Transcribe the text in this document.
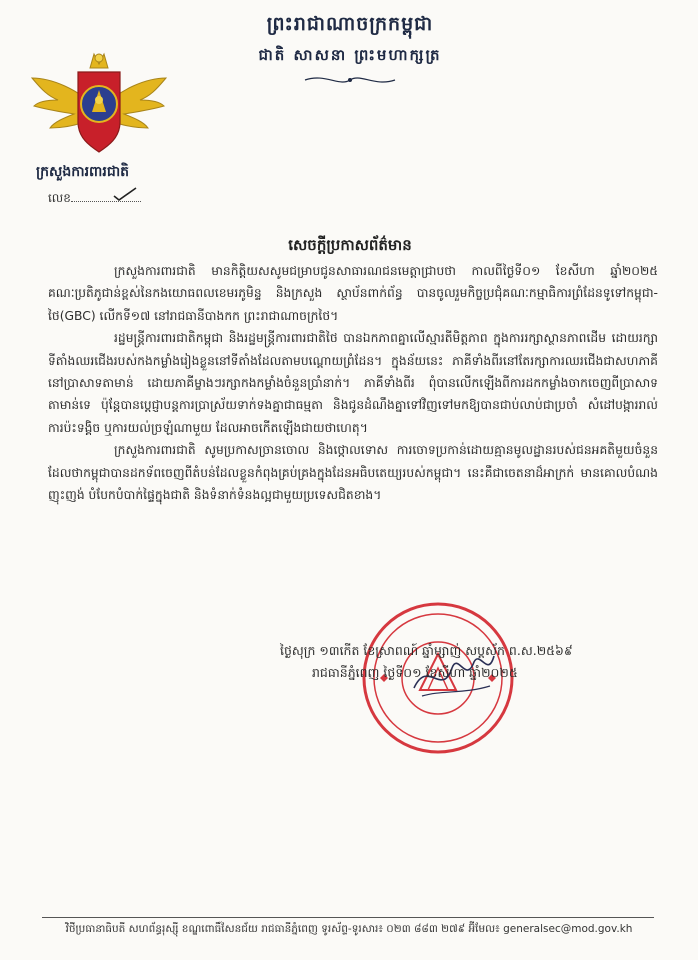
ព្រះរាជាណាចក្រកម្ពុជា
ជាតិ សាសនា ព្រះមហាក្សត្រ
ក្រសួងការពារជាតិ
លេខ
សេចក្ដីប្រកាសព័ត៌មាន

ក្រសួងការពារជាតិ មានកិត្តិយសសូមជម្រាបជូនសាធារណជនមេត្តាជ្រាបថា កាលពីថ្ងៃទី០១ ខែសីហា ឆ្នាំ២០២៥ គណៈប្រតិភូជាន់ខ្ពស់នៃកងយោធពលខេមរភូមិន្ទ និងក្រសួង ស្ថាប័នពាក់ព័ន្ធ បានចូលរួមកិច្ចប្រជុំគណៈកម្មាធិការព្រំដែនទូទៅកម្ពុជា-ថៃ(GBC) លើកទី១៧ នៅរាជធានីបាងកក ព្រះរាជាណាចក្រថៃ។

រដ្ឋមន្ត្រីការពារជាតិកម្ពុជា និងរដ្ឋមន្ត្រីការពារជាតិថៃ បានឯកភាពគ្នាលើស្មារតីមិត្តភាព ក្នុងការរក្សាស្ថានភាពដើម ដោយរក្សាទីតាំងឈរជើងរបស់កងកម្លាំងរៀងខ្លួននៅទីតាំងដែលតាមបណ្ដោយព្រំដែន។ ក្នុងន័យនេះ ភាគីទាំងពីរនៅតែរក្សាការឈរជើងជាសហភាគីនៅប្រាសាទតាមាន់ ដោយភាគីម្ខាងៗរក្សាកងកម្លាំងចំនួនប្រាំនាក់។ ភាគីទាំងពីរ ពុំបានលើកឡើងពីការដកកម្លាំងចាកចេញពីប្រាសាទតាមាន់ទេ ប៉ុន្តែបានប្ដេជ្ញាបន្តការប្រាស្រ័យទាក់ទងគ្នាជាធម្មតា និងជូនដំណឹងគ្នាទៅវិញទៅមកឱ្យបានជាប់លាប់ជាប្រចាំ សំដៅបង្ការរាល់ការប៉ះទង្គិច ឬការយល់ច្រឡំណាមួយ ដែលអាចកើតឡើងជាយថាហេតុ។

ក្រសួងការពារជាតិ សូមប្រកាសច្រានចោល និងថ្កោលទោស ការចោទប្រកាន់ដោយគ្មានមូលដ្ឋានរបស់ជនអគតិមួយចំនួន ដែលថាកម្ពុជាបានដកទ័ពចេញពីតំបន់ដែលខ្លួនកំពុងគ្រប់គ្រងក្នុងដែនអធិបតេយ្យរបស់កម្ពុជា។ នេះគឺជាចេតនាដ៏អាក្រក់ មានគោលបំណងញុះញង់ បំបែកបំបាក់ផ្ទៃក្នុងជាតិ និងទំនាក់ទំនងល្អជាមួយប្រទេសជិតខាង។

ថ្ងៃសុក្រ ១៣កើត ខែស្រាពណ៍ ឆ្នាំម្សាញ់ សប្តស័ក ព.ស.២៥៦៩
រាជធានីភ្នំពេញ ថ្ងៃទី០១ ខែសីហា ឆ្នាំ២០២៥
វិថីប្រធានាធិបតី សហព័ន្ធរុស្ស៊ី ខណ្ឌពោធិ៍សែនជ័យ រាជធានីភ្នំពេញ ទូរស័ព្ទ-ទូរសារ៖ ០២៣ ៨៨៣ ២៧៩ អ៊ីមែល៖ generalsec@mod.gov.kh
